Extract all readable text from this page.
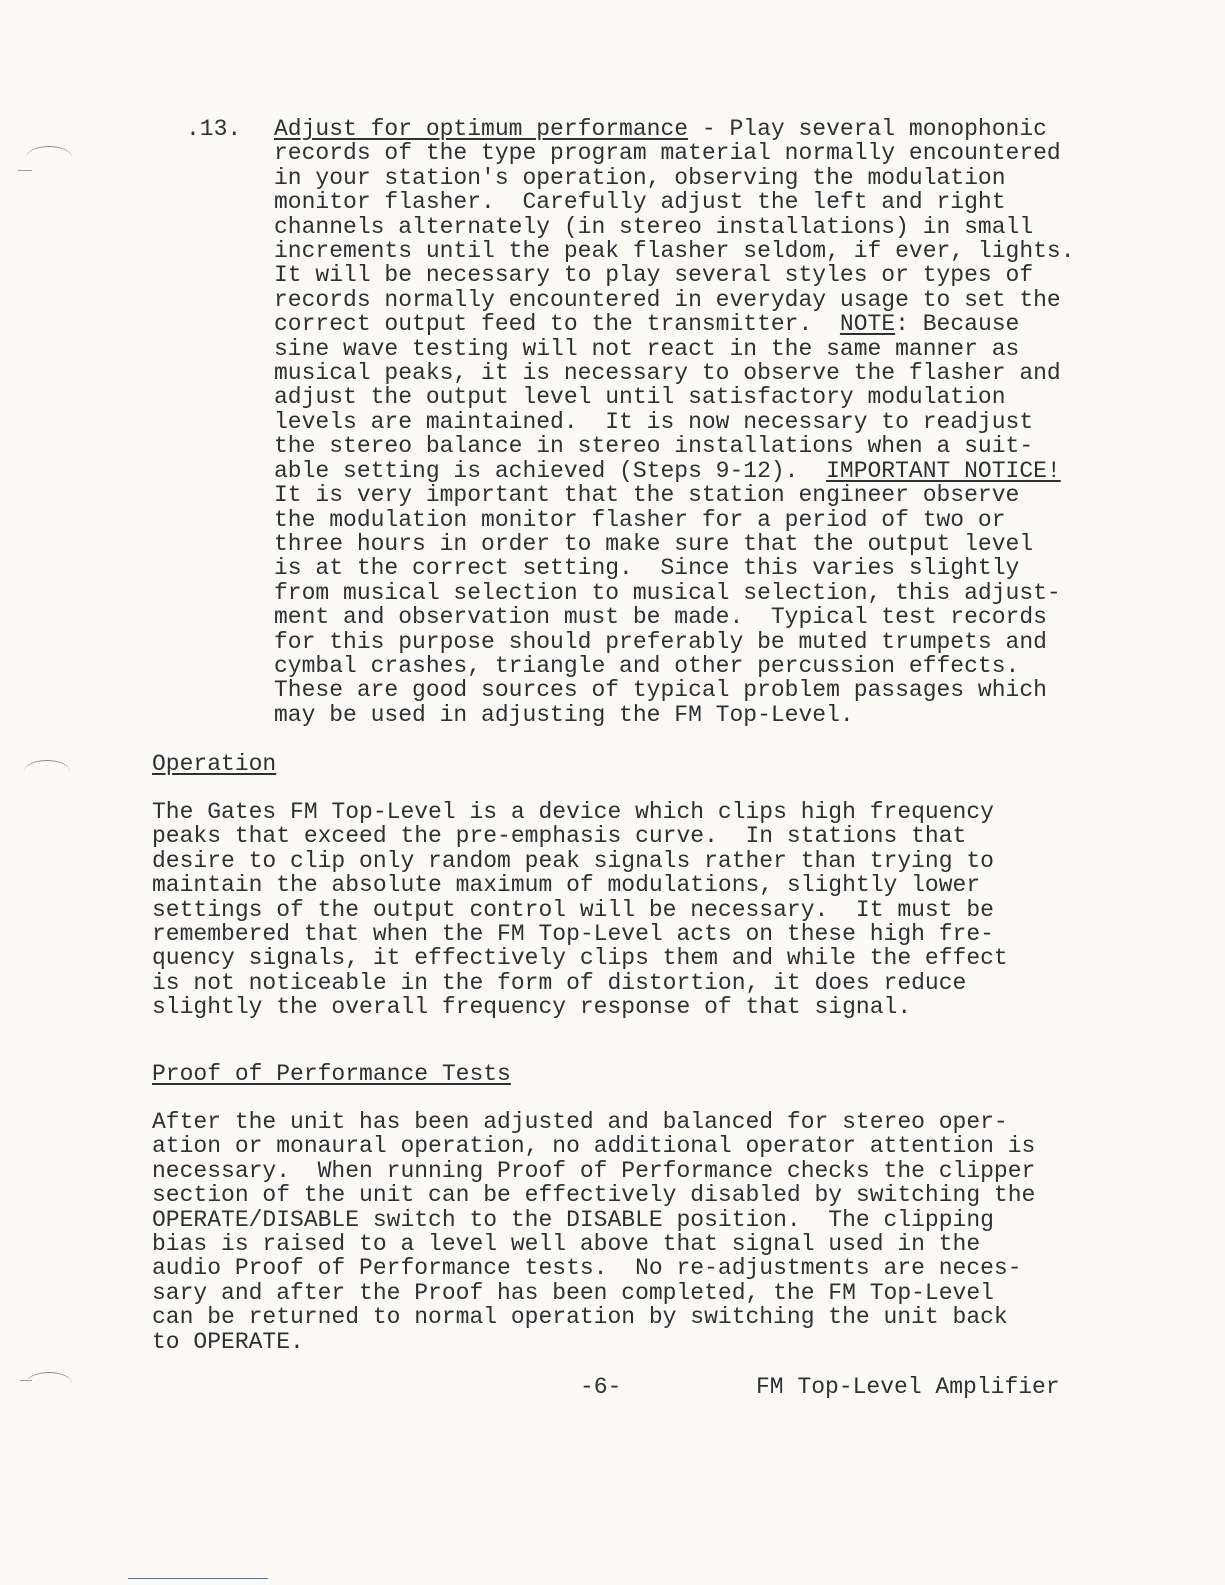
.13. Adjust for optimum performance - Play several monophonic
records of the type program material normally encountered
in your station's operation, observing the modulation
monitor flasher.  Carefully adjust the left and right
channels alternately (in stereo installations) in small
increments until the peak flasher seldom, if ever, lights.
It will be necessary to play several styles or types of
records normally encountered in everyday usage to set the
correct output feed to the transmitter.  NOTE: Because
sine wave testing will not react in the same manner as
musical peaks, it is necessary to observe the flasher and
adjust the output level until satisfactory modulation
levels are maintained.  It is now necessary to readjust
the stereo balance in stereo installations when a suit-
able setting is achieved (Steps 9-12).  IMPORTANT NOTICE!
It is very important that the station engineer observe
the modulation monitor flasher for a period of two or
three hours in order to make sure that the output level
is at the correct setting.  Since this varies slightly
from musical selection to musical selection, this adjust-
ment and observation must be made.  Typical test records
for this purpose should preferably be muted trumpets and
cymbal crashes, triangle and other percussion effects.
These are good sources of typical problem passages which
may be used in adjusting the FM Top-Level.
Operation
The Gates FM Top-Level is a device which clips high frequency
peaks that exceed the pre-emphasis curve.  In stations that
desire to clip only random peak signals rather than trying to
maintain the absolute maximum of modulations, slightly lower
settings of the output control will be necessary.  It must be
remembered that when the FM Top-Level acts on these high fre-
quency signals, it effectively clips them and while the effect
is not noticeable in the form of distortion, it does reduce
slightly the overall frequency response of that signal.
Proof of Performance Tests
After the unit has been adjusted and balanced for stereo oper-
ation or monaural operation, no additional operator attention is
necessary.  When running Proof of Performance checks the clipper
section of the unit can be effectively disabled by switching the
OPERATE/DISABLE switch to the DISABLE position.  The clipping
bias is raised to a level well above that signal used in the
audio Proof of Performance tests.  No re-adjustments are neces-
sary and after the Proof has been completed, the FM Top-Level
can be returned to normal operation by switching the unit back
to OPERATE.
-6-	FM Top-Level Amplifier
